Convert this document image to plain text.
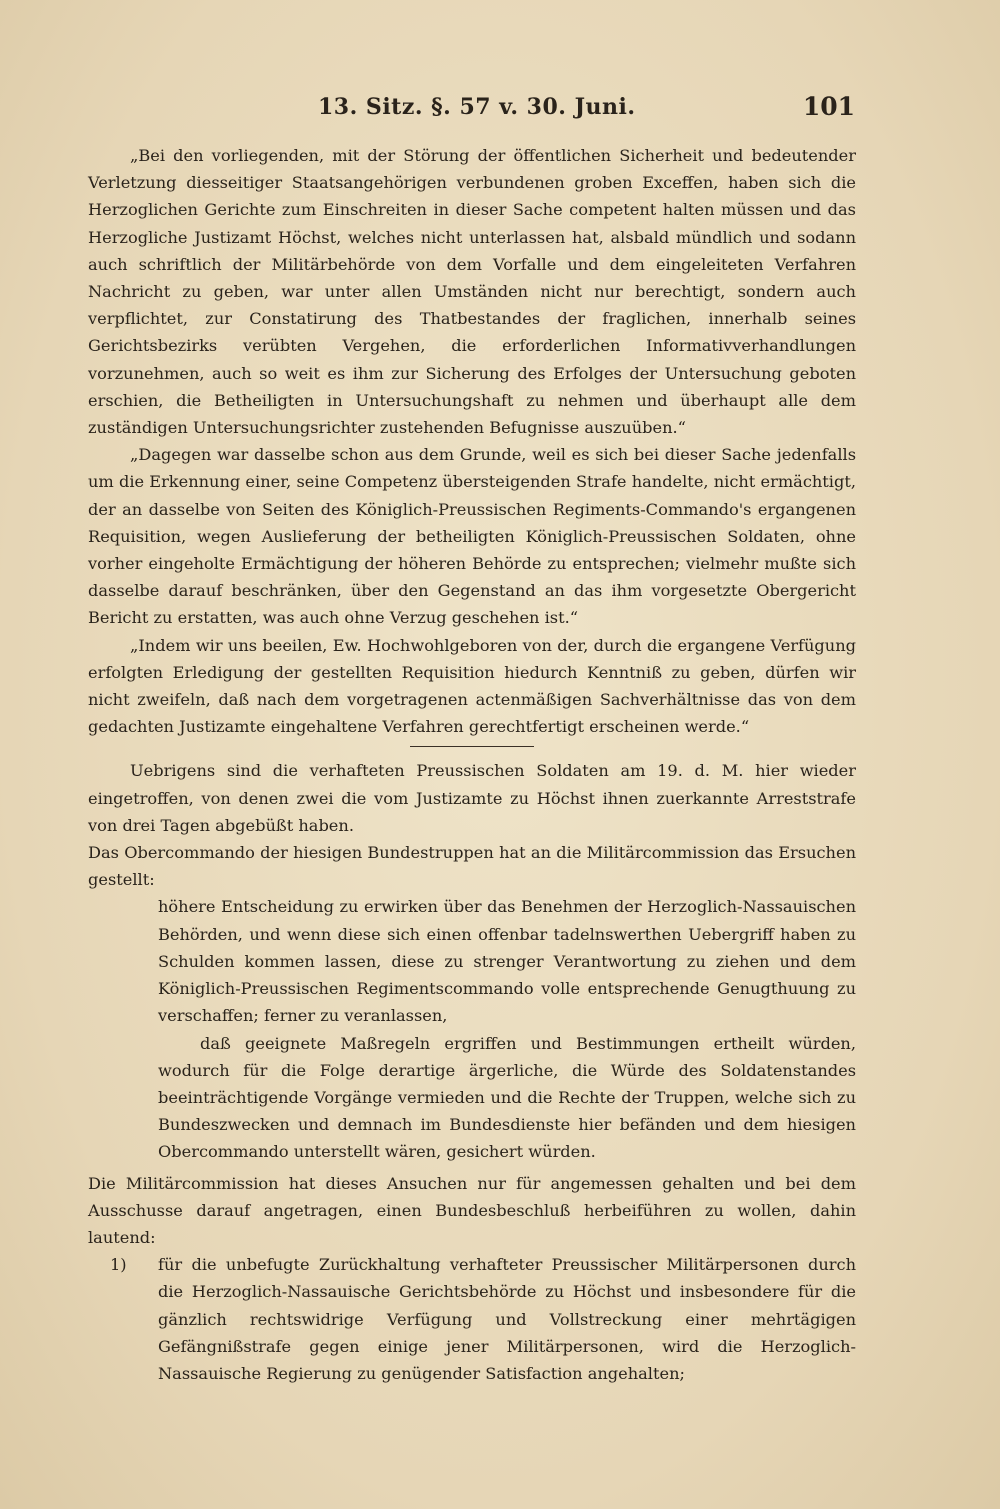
13. Sitz. §. 57 v. 30. Juni.	101

„Bei den vorliegenden, mit der Störung der öffentlichen Sicherheit und bedeutender Verletzung diesseitiger Staatsangehörigen verbundenen groben Exceffen, haben sich die Herzoglichen Gerichte zum Einschreiten in dieser Sache competent halten müssen und das Herzogliche Justizamt Höchst, welches nicht unterlassen hat, alsbald mündlich und sodann auch schriftlich der Militärbehörde von dem Vorfalle und dem eingeleiteten Verfahren Nachricht zu geben, war unter allen Umständen nicht nur berechtigt, sondern auch verpflichtet, zur Constatirung des Thatbestandes der fraglichen, innerhalb seines Gerichtsbezirks verübten Vergehen, die erforderlichen Informativverhandlungen vorzunehmen, auch so weit es ihm zur Sicherung des Erfolges der Untersuchung geboten erschien, die Betheiligten in Untersuchungshaft zu nehmen und überhaupt alle dem zuständigen Untersuchungsrichter zustehenden Befugnisse auszuüben.“

„Dagegen war dasselbe schon aus dem Grunde, weil es sich bei dieser Sache jedenfalls um die Erkennung einer, seine Competenz übersteigenden Strafe handelte, nicht ermächtigt, der an dasselbe von Seiten des Königlich-Preussischen Regiments-Commando's ergangenen Requisition, wegen Auslieferung der betheiligten Königlich-Preussischen Soldaten, ohne vorher eingeholte Ermächtigung der höheren Behörde zu entsprechen; vielmehr mußte sich dasselbe darauf beschränken, über den Gegenstand an das ihm vorgesetzte Obergericht Bericht zu erstatten, was auch ohne Verzug geschehen ist.“

„Indem wir uns beeilen, Ew. Hochwohlgeboren von der, durch die ergangene Verfügung erfolgten Erledigung der gestellten Requisition hiedurch Kenntniß zu geben, dürfen wir nicht zweifeln, daß nach dem vorgetragenen actenmäßigen Sachverhältnisse das von dem gedachten Justizamte eingehaltene Verfahren gerechtfertigt erscheinen werde.“

Uebrigens sind die verhafteten Preussischen Soldaten am 19. d. M. hier wieder eingetroffen, von denen zwei die vom Justizamte zu Höchst ihnen zuerkannte Arreststrafe von drei Tagen abgebüßt haben.

Das Obercommando der hiesigen Bundestruppen hat an die Militärcommission das Ersuchen gestellt:

höhere Entscheidung zu erwirken über das Benehmen der Herzoglich-Nassauischen Behörden, und wenn diese sich einen offenbar tadelnswerthen Uebergriff haben zu Schulden kommen lassen, diese zu strenger Verantwortung zu ziehen und dem Königlich-Preussischen Regimentscommando volle entsprechende Genugthuung zu verschaffen; ferner zu veranlassen,

daß geeignete Maßregeln ergriffen und Bestimmungen ertheilt würden, wodurch für die Folge derartige ärgerliche, die Würde des Soldatenstandes beeinträchtigende Vorgänge vermieden und die Rechte der Truppen, welche sich zu Bundeszwecken und demnach im Bundesdienste hier befänden und dem hiesigen Obercommando unterstellt wären, gesichert würden.

Die Militärcommission hat dieses Ansuchen nur für angemessen gehalten und bei dem Ausschusse darauf angetragen, einen Bundesbeschluß herbeiführen zu wollen, dahin lautend:

1)	für die unbefugte Zurückhaltung verhafteter Preussischer Militärpersonen durch die Herzoglich-Nassauische Gerichtsbehörde zu Höchst und insbesondere für die gänzlich rechtswidrige Verfügung und Vollstreckung einer mehrtägigen Gefängnißstrafe gegen einige jener Militärpersonen, wird die Herzoglich-Nassauische Regierung zu genügender Satisfaction angehalten;
